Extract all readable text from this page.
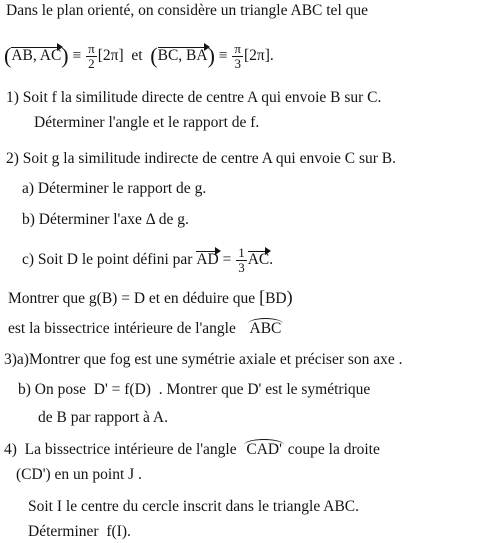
Dans le plan orienté, on considère un triangle ABC tel que
(AB, $AC) \equiv \frac{\pi}{2} [2\pi]$ et (BC, $BA) \equiv \frac{\pi}{3} [2\pi]$.
1) Soit f la similitude directe de centre A qui envoie B sur C.
Déterminer l'angle et le rapport de f.
2) Soit g la similitude indirecte de centre A qui envoie C sur B.
a) Déterminer le rapport de g.
b) Déterminer l'axe Δ de g.
c) Soit D le point défini par AD = $\frac{1}{3}$ AC.
Montrer que g(B) = D et en déduire que [BD)
est la bissectrice intérieure de l'angle ABC
3)a)Montrer que fog est une symétrie axiale et préciser son axe .
b) On pose D' = f(D) . Montrer que D' est le symétrique
de B par rapport à A.
4) La bissectrice intérieure de l'angle CAD' coupe la droite
(CD') en un point J .
Soit I le centre du cercle inscrit dans le triangle ABC.
Déterminer f(I).
